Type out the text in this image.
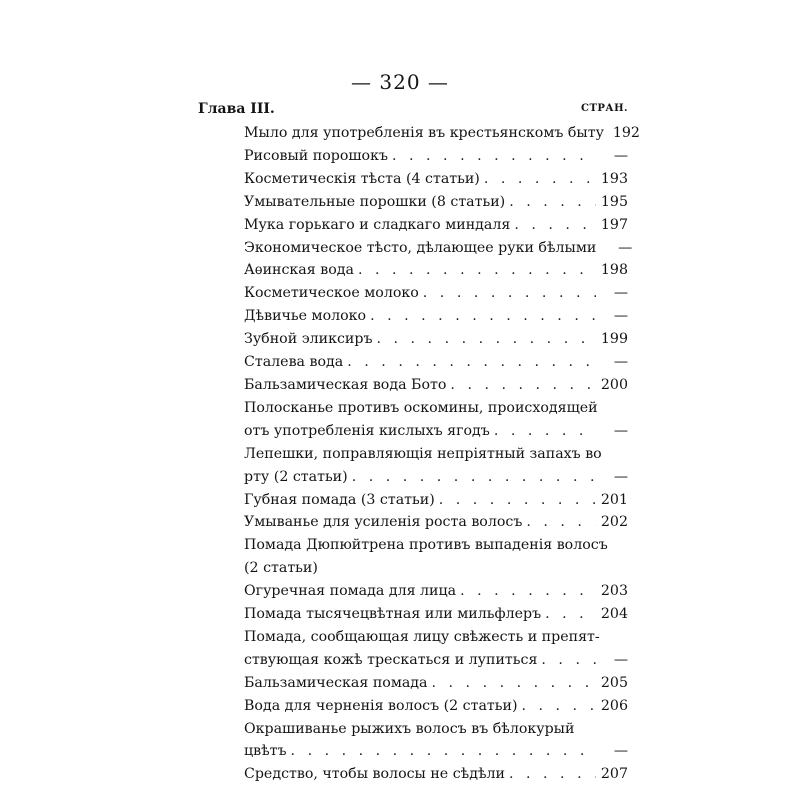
— 320 —
Глава III.	СТРАН.
Мыло для употребленія въ крестьянскомъ быту 192
Рисовый порошокъ . . .	—
Косметическія тѣста (4 статьи) . . .	193
Умывательные порошки (8 статьи) . . .	195
Мука горькаго и сладкаго миндаля . . .	197
Экономическое тѣсто, дѣлающее руки бѣлыми	—
Аѳинская вода . . .	198
Косметическое молоко . . .	—
Дѣвичье молоко . . .	—
Зубной эликсиръ . . .	199
Сталева вода . . .	—
Бальзамическая вода Бото . . .	200
Полосканье противъ оскомины, происходящей
отъ употребленія кислыхъ ягодъ . . .	—
Лепешки, поправляющія непріятный запахъ во
рту (2 статьи) . . .	—
Губная помада (3 статьи) . . .	201
Умыванье для усиленія роста волосъ . . .	202
Помада Дюпюйтрена противъ выпаденія волосъ
(2 статьи)
Огуречная помада для лица . . .	203
Помада тысячецвѣтная или мильфлеръ . . .	204
Помада, сообщающая лицу свѣжесть и препят-
ствующая кожѣ трескаться и лупиться . . .	—
Бальзамическая помада . . .	205
Вода для черненія волосъ (2 статьи) . . .	206
Окрашиванье рыжихъ волосъ въ бѣлокурый
цвѣтъ . . .	—
Средство, чтобы волосы не сѣдѣли . . .	207
